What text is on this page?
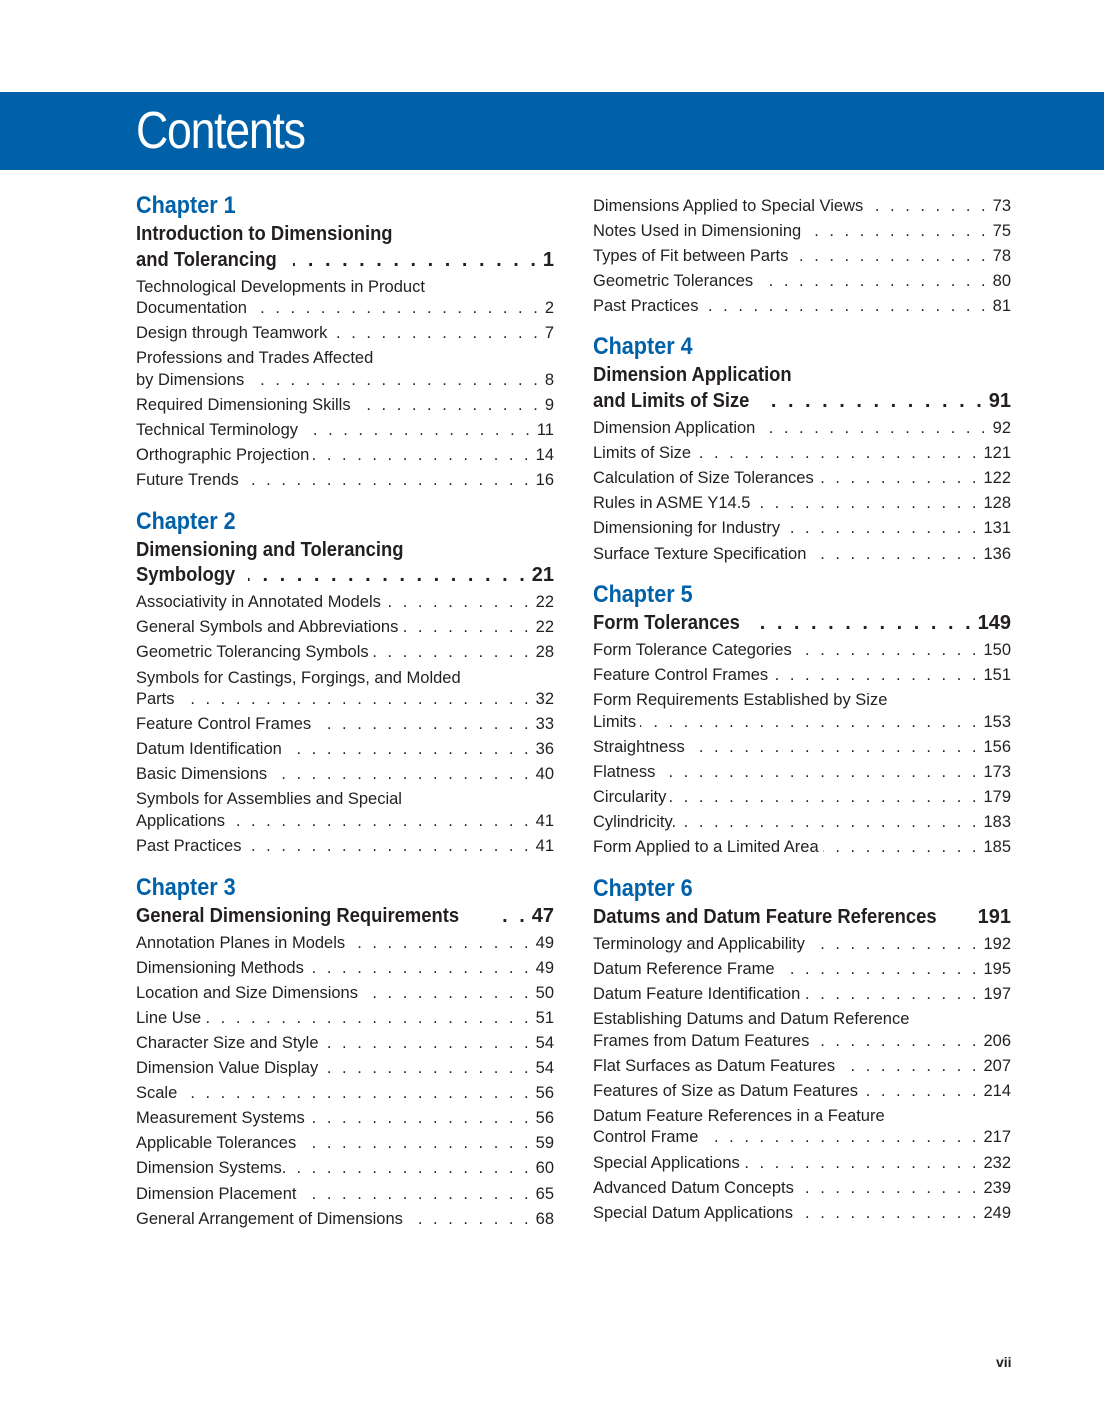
Contents
Chapter 1
Introduction to Dimensioning
and Tolerancing . . .	1
Technological Developments in Product
Documentation . . .	2
Design through Teamwork . . .	7
Professions and Trades Affected
by Dimensions . . .	8
Required Dimensioning Skills . . .	9
Technical Terminology . . .	11
Orthographic Projection . . .	14
Future Trends . . .	16
Chapter 2
Dimensioning and Tolerancing
Symbology . . .	21
Associativity in Annotated Models . . .	22
General Symbols and Abbreviations . . .	22
Geometric Tolerancing Symbols . . .	28
Symbols for Castings, Forgings, and Molded
Parts . . .	32
Feature Control Frames . . .	33
Datum Identification . . .	36
Basic Dimensions . . .	40
Symbols for Assemblies and Special
Applications . . .	41
Past Practices . . .	41
Chapter 3
General Dimensioning Requirements . . .	47
Annotation Planes in Models . . .	49
Dimensioning Methods . . .	49
Location and Size Dimensions . . .	50
Line Use . . .	51
Character Size and Style . . .	54
Dimension Value Display . . .	54
Scale . . .	56
Measurement Systems . . .	56
Applicable Tolerances . . .	59
Dimension Systems. . . .	60
Dimension Placement . . .	65
General Arrangement of Dimensions . . .	68
Dimensions Applied to Special Views . . .	73
Notes Used in Dimensioning . . .	75
Types of Fit between Parts . . .	78
Geometric Tolerances . . .	80
Past Practices . . .	81
Chapter 4
Dimension Application
and Limits of Size . . .	91
Dimension Application . . .	92
Limits of Size . . .	121
Calculation of Size Tolerances . . .	122
Rules in ASME Y14.5 . . .	128
Dimensioning for Industry . . .	131
Surface Texture Specification . . .	136
Chapter 5
Form Tolerances . . .	149
Form Tolerance Categories . . .	150
Feature Control Frames . . .	151
Form Requirements Established by Size
Limits . . .	153
Straightness . . .	156
Flatness . . .	173
Circularity . . .	179
Cylindricity. . . .	183
Form Applied to a Limited Area . . .	185
Chapter 6
Datums and Datum Feature References . . . 191
Terminology and Applicability . . .	192
Datum Reference Frame . . .	195
Datum Feature Identification . . .	197
Establishing Datums and Datum Reference
Frames from Datum Features . . .	206
Flat Surfaces as Datum Features . . .	207
Features of Size as Datum Features . . .	214
Datum Feature References in a Feature
Control Frame . . .	217
Special Applications . . .	232
Advanced Datum Concepts . . .	239
Special Datum Applications . . .	249
vii
